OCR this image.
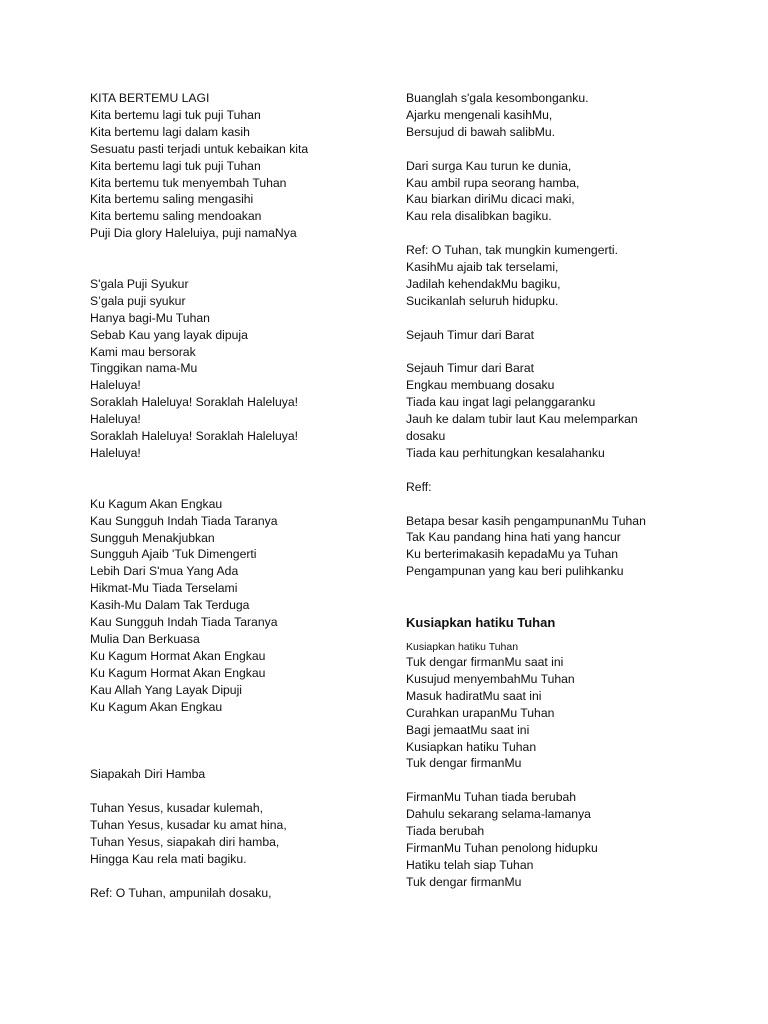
KITA BERTEMU LAGI
Kita bertemu lagi tuk puji Tuhan
Kita bertemu lagi dalam kasih
Sesuatu pasti terjadi untuk kebaikan kita
Kita bertemu lagi tuk puji Tuhan
Kita bertemu tuk menyembah Tuhan
Kita bertemu saling mengasihi
Kita bertemu saling mendoakan
Puji Dia glory Haleluiya, puji namaNya
S'gala Puji Syukur
S’gala puji syukur
Hanya bagi-Mu Tuhan
Sebab Kau yang layak dipuja
Kami mau bersorak
Tinggikan nama-Mu
Haleluya!
Soraklah Haleluya! Soraklah Haleluya!
Haleluya!
Soraklah Haleluya! Soraklah Haleluya!
Haleluya!
Ku Kagum Akan Engkau
Kau Sungguh Indah Tiada Taranya
Sungguh Menakjubkan
Sungguh Ajaib 'Tuk Dimengerti
Lebih Dari S'mua Yang Ada
Hikmat-Mu Tiada Terselami
Kasih-Mu Dalam Tak Terduga
Kau Sungguh Indah Tiada Taranya
Mulia Dan Berkuasa
Ku Kagum Hormat Akan Engkau
Ku Kagum Hormat Akan Engkau
Kau Allah Yang Layak Dipuji
Ku Kagum Akan Engkau
Siapakah Diri Hamba
Tuhan Yesus, kusadar kulemah,
Tuhan Yesus, kusadar ku amat hina,
Tuhan Yesus, siapakah diri hamba,
Hingga Kau rela mati bagiku.
Ref: O Tuhan, ampunilah dosaku,
Buanglah s'gala kesombonganku.
Ajarku mengenali kasihMu,
Bersujud di bawah salibMu.
Dari surga Kau turun ke dunia,
Kau ambil rupa seorang hamba,
Kau biarkan diriMu dicaci maki,
Kau rela disalibkan bagiku.
Ref: O Tuhan, tak mungkin kumengerti.
KasihMu ajaib tak terselami,
Jadilah kehendakMu bagiku,
Sucikanlah seluruh hidupku.
Sejauh Timur dari Barat
Sejauh Timur dari Barat
Engkau membuang dosaku
Tiada kau ingat lagi pelanggaranku
Jauh ke dalam tubir laut Kau melemparkan
dosaku
Tiada kau perhitungkan kesalahanku
Reff:
Betapa besar kasih pengampunanMu Tuhan
Tak Kau pandang hina hati yang hancur
Ku berterimakasih kepadaMu ya Tuhan
Pengampunan yang kau beri pulihkanku
Kusiapkan hatiku Tuhan
Kusiapkan hatiku Tuhan
Tuk dengar firmanMu saat ini
Kusujud menyembahMu Tuhan
Masuk hadiratMu saat ini
Curahkan urapanMu Tuhan
Bagi jemaatMu saat ini
Kusiapkan hatiku Tuhan
Tuk dengar firmanMu
FirmanMu Tuhan tiada berubah
Dahulu sekarang selama-lamanya
Tiada berubah
FirmanMu Tuhan penolong hidupku
Hatiku telah siap Tuhan
Tuk dengar firmanMu
